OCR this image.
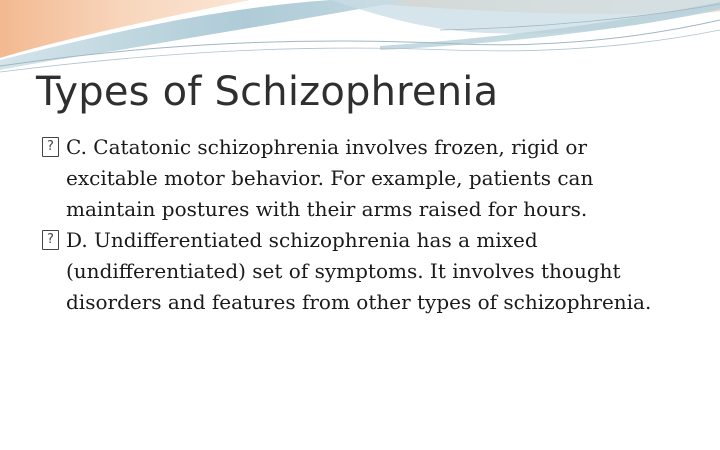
Types of Schizophrenia
? C. Catatonic schizophrenia involves frozen, rigid or excitable motor behavior. For example, patients can maintain postures with their arms raised for hours.
? D. Undifferentiated schizophrenia has a mixed (undifferentiated) set of symptoms. It involves thought disorders and features from other types of schizophrenia.
